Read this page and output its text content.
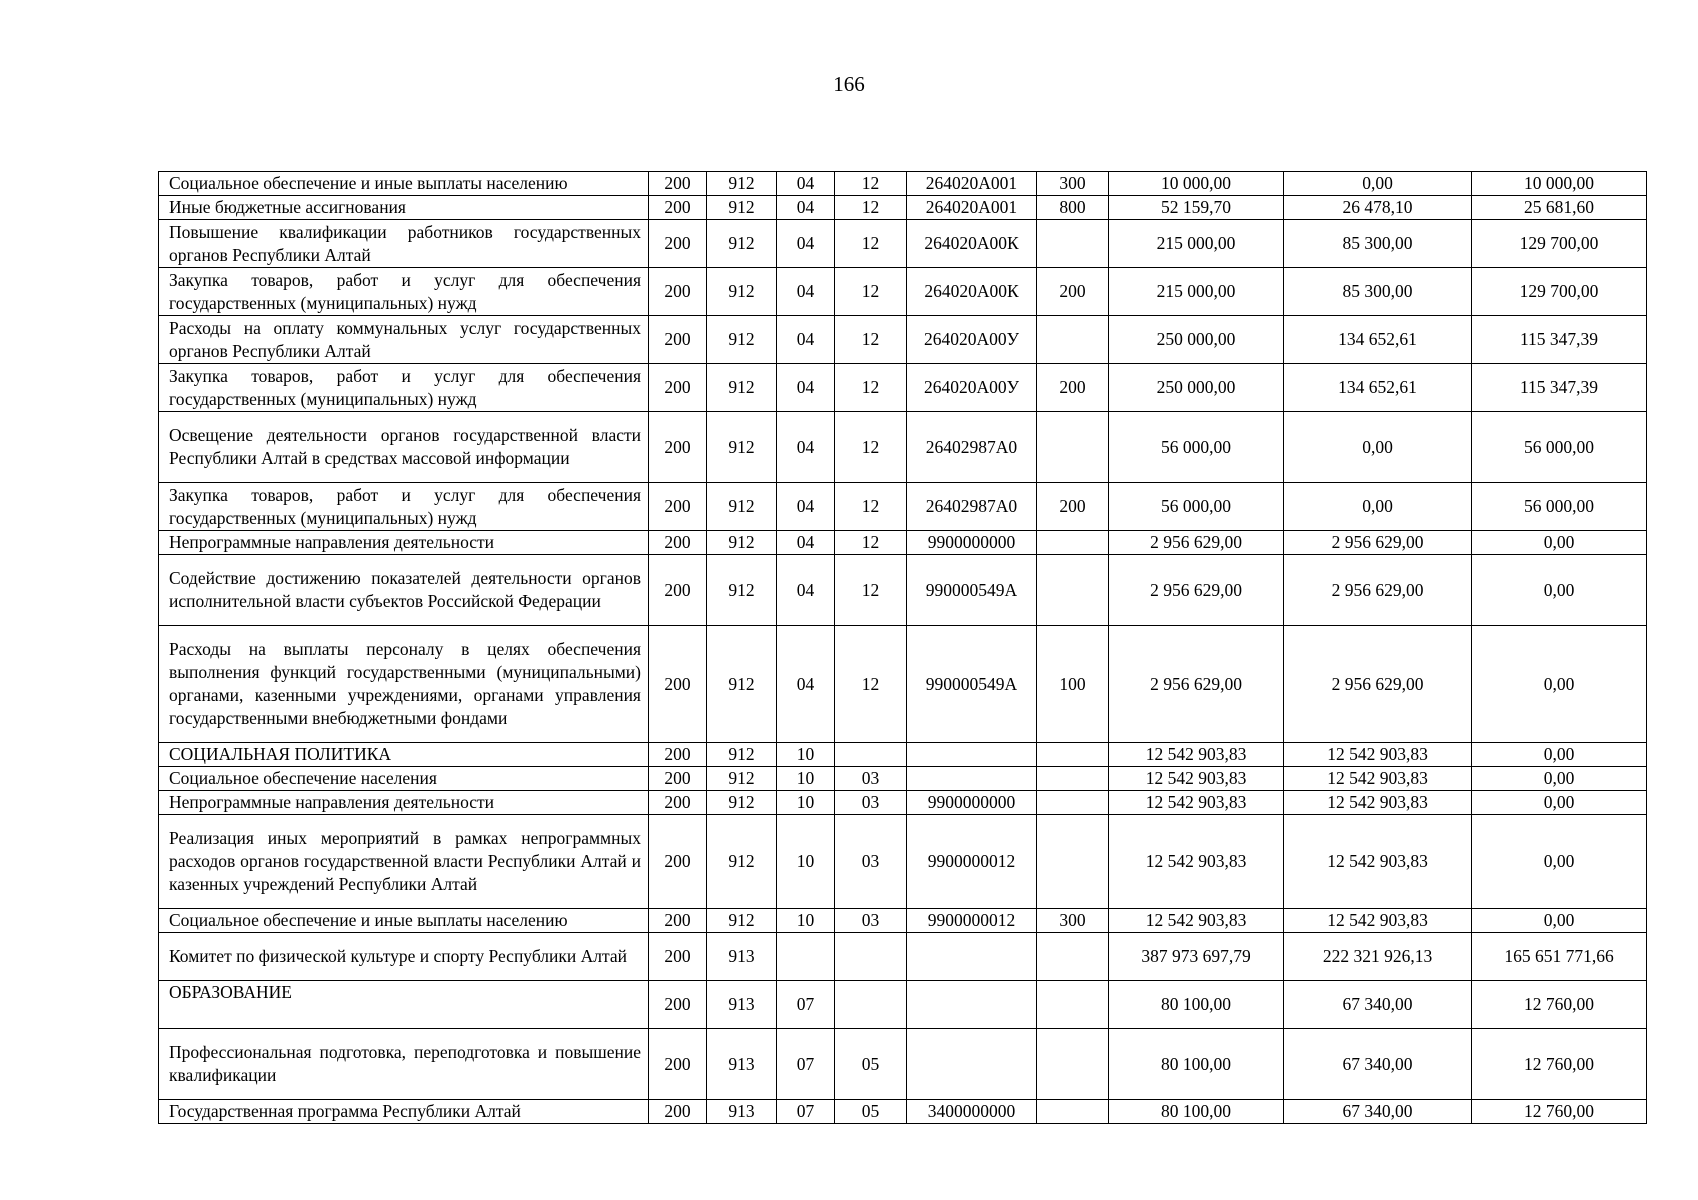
166
Социальное обеспечение и иные выплаты населению	200	912	04	12	264020А001	300	10 000,00	0,00	10 000,00
Иные бюджетные ассигнования	200	912	04	12	264020А001	800	52 159,70	26 478,10	25 681,60
Повышение квалификации работников государственных органов Республики Алтай	200	912	04	12	264020А00К		215 000,00	85 300,00	129 700,00
Закупка товаров, работ и услуг для обеспечения государственных (муниципальных) нужд	200	912	04	12	264020А00К	200	215 000,00	85 300,00	129 700,00
Расходы на оплату коммунальных услуг государственных органов Республики Алтай	200	912	04	12	264020А00У		250 000,00	134 652,61	115 347,39
Закупка товаров, работ и услуг для обеспечения государственных (муниципальных) нужд	200	912	04	12	264020А00У	200	250 000,00	134 652,61	115 347,39
Освещение деятельности органов государственной власти Республики Алтай в средствах массовой информации	200	912	04	12	26402987А0		56 000,00	0,00	56 000,00
Закупка товаров, работ и услуг для обеспечения государственных (муниципальных) нужд	200	912	04	12	26402987А0	200	56 000,00	0,00	56 000,00
Непрограммные направления деятельности	200	912	04	12	9900000000		2 956 629,00	2 956 629,00	0,00
Содействие достижению показателей деятельности органов исполнительной власти субъектов Российской Федерации	200	912	04	12	990000549А		2 956 629,00	2 956 629,00	0,00
Расходы на выплаты персоналу в целях обеспечения выполнения функций государственными (муниципальными) органами, казенными учреждениями, органами управления государственными внебюджетными фондами	200	912	04	12	990000549А	100	2 956 629,00	2 956 629,00	0,00
СОЦИАЛЬНАЯ ПОЛИТИКА	200	912	10				12 542 903,83	12 542 903,83	0,00
Социальное обеспечение населения	200	912	10	03			12 542 903,83	12 542 903,83	0,00
Непрограммные направления деятельности	200	912	10	03	9900000000		12 542 903,83	12 542 903,83	0,00
Реализация иных мероприятий в рамках непрограммных расходов органов государственной власти Республики Алтай и казенных учреждений Республики Алтай	200	912	10	03	9900000012		12 542 903,83	12 542 903,83	0,00
Социальное обеспечение и иные выплаты населению	200	912	10	03	9900000012	300	12 542 903,83	12 542 903,83	0,00
Комитет по физической культуре и спорту Республики Алтай	200	913					387 973 697,79	222 321 926,13	165 651 771,66
ОБРАЗОВАНИЕ	200	913	07				80 100,00	67 340,00	12 760,00
Профессиональная подготовка, переподготовка и повышение квалификации	200	913	07	05			80 100,00	67 340,00	12 760,00
Государственная программа Республики Алтай	200	913	07	05	3400000000		80 100,00	67 340,00	12 760,00
